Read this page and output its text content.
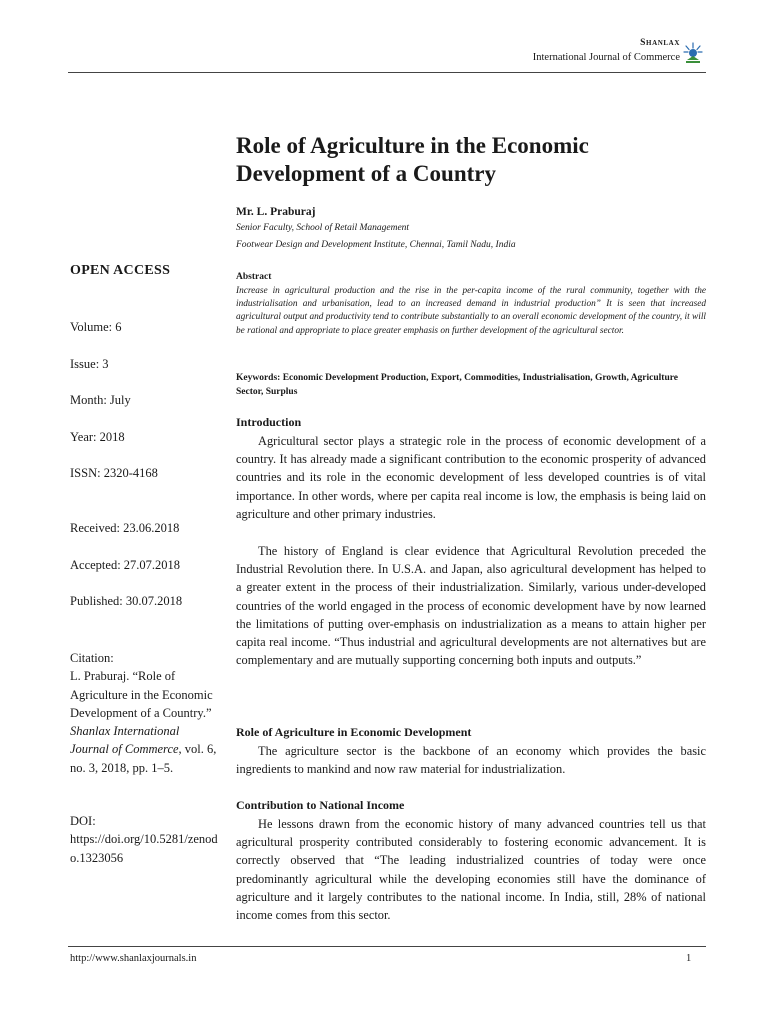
Shanlax
International Journal of Commerce
Role of Agriculture in the Economic Development of a Country
Mr. L. Praburaj
Senior Faculty, School of Retail Management
Footwear Design and Development Institute, Chennai, Tamil Nadu, India
OPEN ACCESS
Volume: 6
Issue: 3
Month: July
Year: 2018
ISSN: 2320-4168
Received: 23.06.2018
Accepted: 27.07.2018
Published: 30.07.2018
Citation:
L. Praburaj. “Role of Agriculture in the Economic Development of a Country.” Shanlax International Journal of Commerce, vol. 6, no. 3, 2018, pp. 1–5.
DOI:
https://doi.org/10.5281/zenodo.1323056
Abstract
Increase in agricultural production and the rise in the per-capita income of the rural community, together with the industrialisation and urbanisation, lead to an increased demand in industrial production” It is seen that increased agricultural output and productivity tend to contribute substantially to an overall economic development of the country, it will be rational and appropriate to place greater emphasis on further development of the agricultural sector.
Keywords: Economic Development Production, Export, Commodities, Industrialisation, Growth, Agriculture Sector, Surplus
Introduction

Agricultural sector plays a strategic role in the process of economic development of a country. It has already made a significant contribution to the economic prosperity of advanced countries and its role in the economic development of less developed countries is of vital importance. In other words, where per capita real income is low, the emphasis is being laid on agriculture and other primary industries.

The history of England is clear evidence that Agricultural Revolution preceded the Industrial Revolution there. In U.S.A. and Japan, also agricultural development has helped to a greater extent in the process of their industrialization. Similarly, various under-developed countries of the world engaged in the process of economic development have by now learned the limitations of putting over-emphasis on industrialization as a means to attain higher per capita real income. “Thus industrial and agricultural developments are not alternatives but are complementary and are mutually supporting concerning both inputs and outputs.”

Role of Agriculture in Economic Development

The agriculture sector is the backbone of an economy which provides the basic ingredients to mankind and now raw material for industrialization.

Contribution to National Income

He lessons drawn from the economic history of many advanced countries tell us that agricultural prosperity contributed considerably to fostering economic advancement. It is correctly observed that “The leading industrialized countries of today were once predominantly agricultural while the developing economies still have the dominance of agriculture and it largely contributes to the national income. In India, still, 28% of national income comes from this sector.

http://www.shanlaxjournals.in	1
